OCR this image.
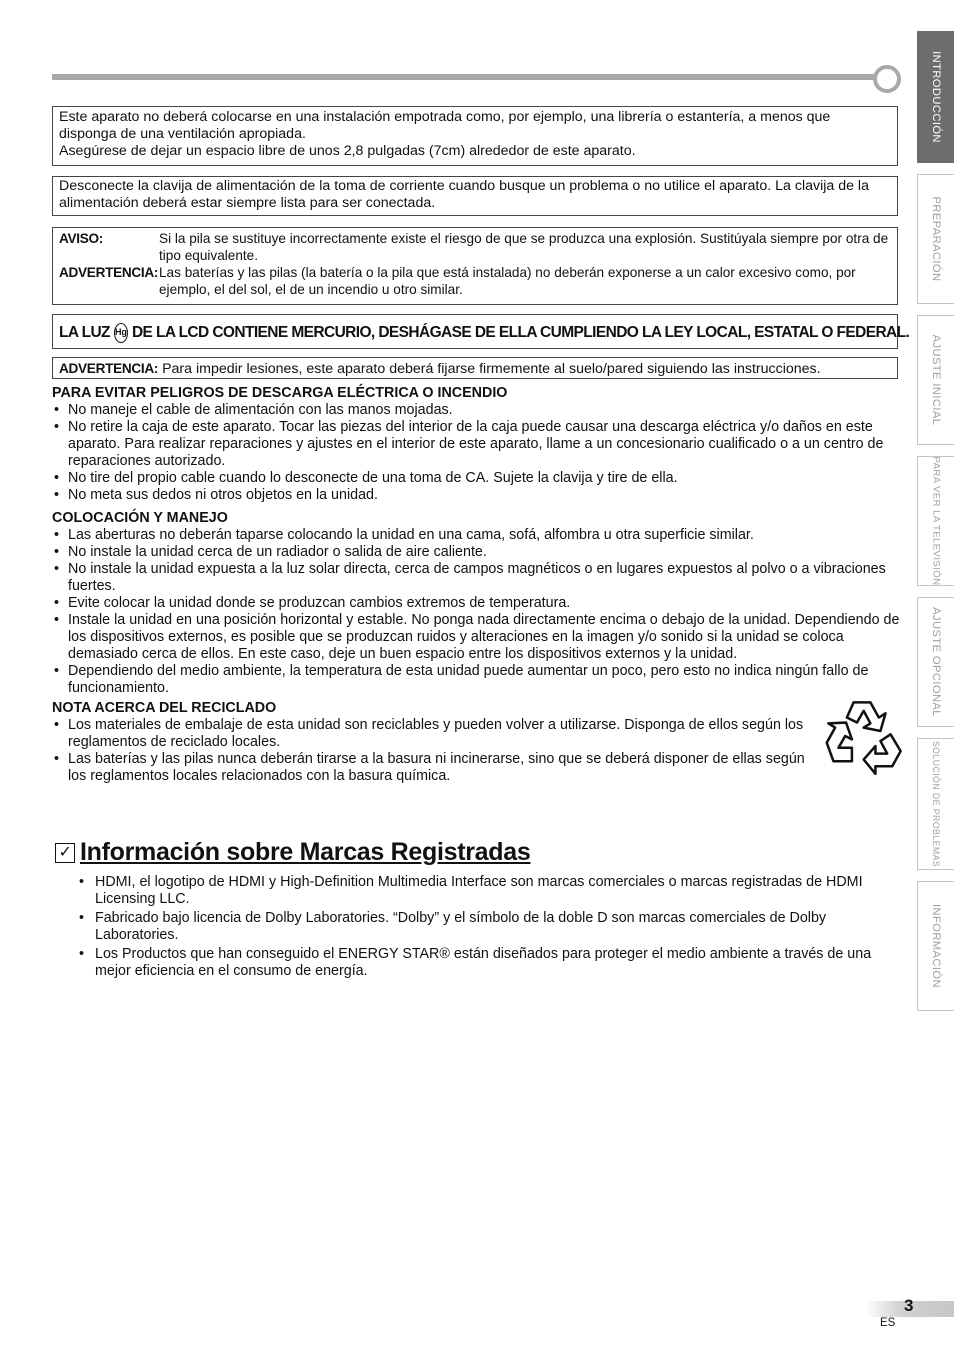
INTRODUCCIÓN
PREPARACIÓN
AJUSTE INICIAL
PARA VER LA TELEVISIÓN
AJUSTE OPCIONAL
SOLUCIÓN DE PROBLEMAS
INFORMACIÓN

Este aparato no deberá colocarse en una instalación empotrada como, por ejemplo, una librería o estantería, a menos que disponga de una ventilación apropiada.

Asegúrese de dejar un espacio libre de unos 2,8 pulgadas (7cm) alrededor de este aparato.

Desconecte la clavija de alimentación de la toma de corriente cuando busque un problema o no utilice el aparato. La clavija de la alimentación deberá estar siempre lista para ser conectada.

AVISO:	Si la pila se sustituye incorrectamente existe el riesgo de que se produzca una explosión. Sustitúyala siempre por otra de tipo equivalente.
ADVERTENCIA: Las baterías y las pilas (la batería o la pila que está instalada) no deberán exponerse a un calor excesivo como, por ejemplo, el del sol, el de un incendio u otro similar.
LA LUZ Hg DE LA LCD CONTIENE MERCURIO, DESHÁGASE DE ELLA CUMPLIENDO LA LEY LOCAL, ESTATAL O FEDERAL.

ADVERTENCIA: Para impedir lesiones, este aparato deberá fijarse firmemente al suelo/pared siguiendo las instrucciones.

PARA EVITAR PELIGROS DE DESCARGA ELÉCTRICA O INCENDIO
• No maneje el cable de alimentación con las manos mojadas.
• No retire la caja de este aparato. Tocar las piezas del interior de la caja puede causar una descarga eléctrica y/o daños en este aparato. Para realizar reparaciones y ajustes en el interior de este aparato, llame a un concesionario cualificado o a un centro de reparaciones autorizado.
• No tire del propio cable cuando lo desconecte de una toma de CA. Sujete la clavija y tire de ella.
• No meta sus dedos ni otros objetos en la unidad.
COLOCACIÓN Y MANEJO
• Las aberturas no deberán taparse colocando la unidad en una cama, sofá, alfombra u otra superficie similar.
• No instale la unidad cerca de un radiador o salida de aire caliente.
• No instale la unidad expuesta a la luz solar directa, cerca de campos magnéticos o en lugares expuestos al polvo o a vibraciones fuertes.
• Evite colocar la unidad donde se produzcan cambios extremos de temperatura.
• Instale la unidad en una posición horizontal y estable. No ponga nada directamente encima o debajo de la unidad. Dependiendo de los dispositivos externos, es posible que se produzcan ruidos y alteraciones en la imagen y/o sonido si la unidad se coloca demasiado cerca de ellos. En este caso, deje un buen espacio entre los dispositivos externos y la unidad.
• Dependiendo del medio ambiente, la temperatura de esta unidad puede aumentar un poco, pero esto no indica ningún fallo de funcionamiento.
NOTA ACERCA DEL RECICLADO
• Los materiales de embalaje de esta unidad son reciclables y pueden volver a utilizarse. Disponga de ellos según los reglamentos de reciclado locales.
• Las baterías y las pilas nunca deberán tirarse a la basura ni incinerarse, sino que se deberá disponer de ellas según los reglamentos locales relacionados con la basura química.
✓ Información sobre Marcas Registradas
• HDMI, el logotipo de HDMI y High-Definition Multimedia Interface son marcas comerciales o marcas registradas de HDMI Licensing LLC.
• Fabricado bajo licencia de Dolby Laboratories. “Dolby” y el símbolo de la doble D son marcas comerciales de Dolby Laboratories.
• Los Productos que han conseguido el ENERGY STAR® están diseñados para proteger el medio ambiente a través de una mejor eficiencia en el consumo de energía.
3
ES
